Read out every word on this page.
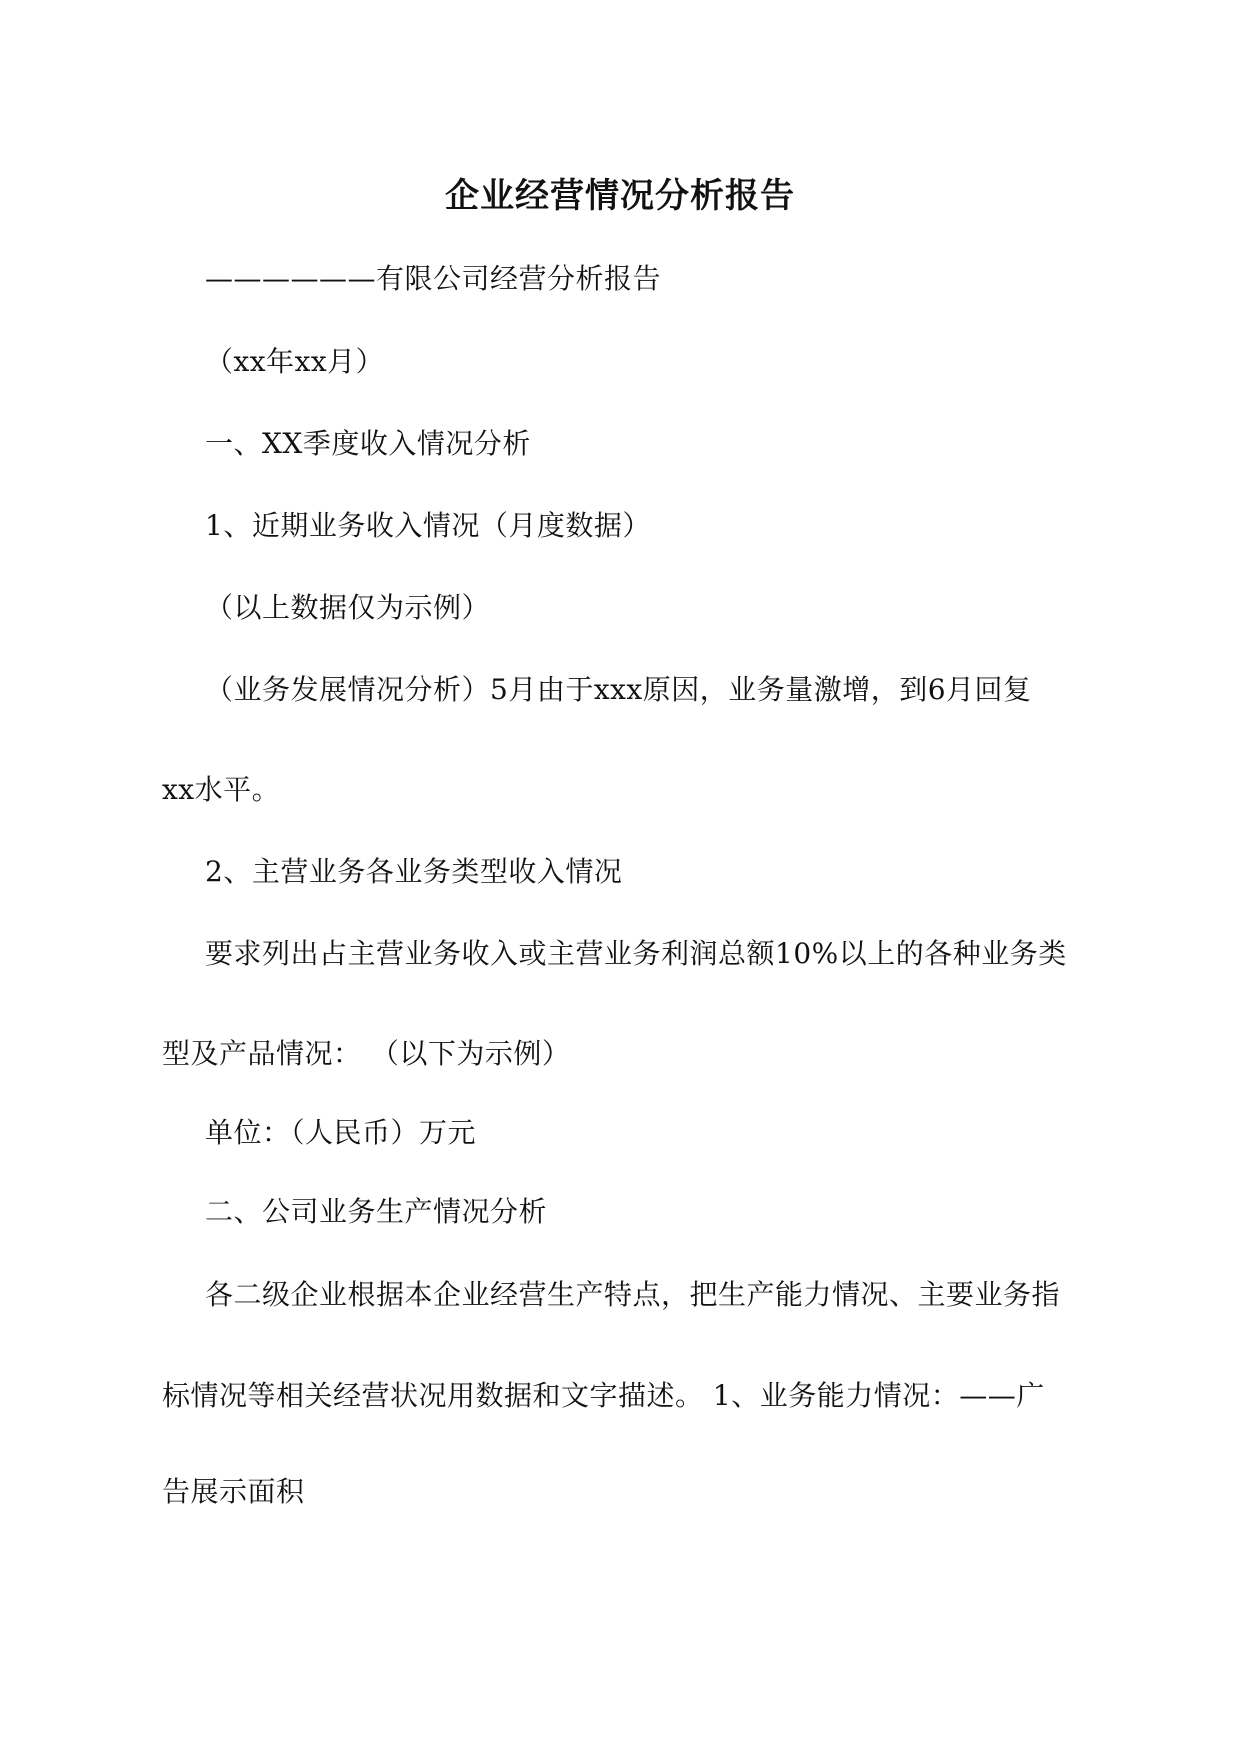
企业经营情况分析报告
——————有限公司经营分析报告
（xx年xx月）
一、XX季度收入情况分析
1、近期业务收入情况（月度数据）
（以上数据仅为示例）
（业务发展情况分析）5月由于xxx原因，业务量激增，到6月回复
xx水平。
2、主营业务各业务类型收入情况
要求列出占主营业务收入或主营业务利润总额10%以上的各种业务类
型及产品情况： （以下为示例）
单位：（人民币）万元
二、公司业务生产情况分析
各二级企业根据本企业经营生产特点，把生产能力情况、主要业务指
标情况等相关经营状况用数据和文字描述。 1、业务能力情况：——广
告展示面积
